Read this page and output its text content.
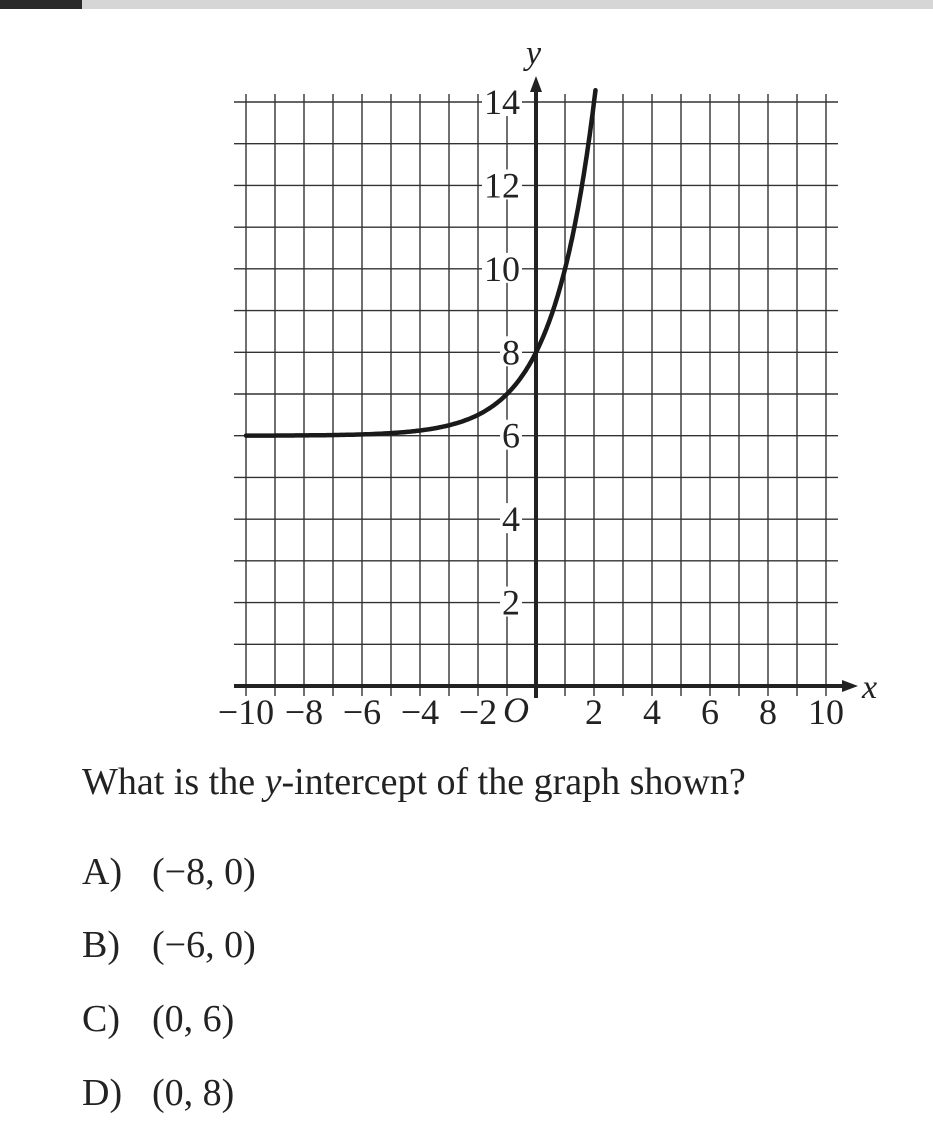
x
y
−10 −8 −6 −4 −2 2 4 6 8 10
O
2
4
6
8
10
12
14
What is the y-intercept of the graph shown?
A) (−8, 0)
B) (−6, 0)
C) (0, 6)
D) (0, 8)
